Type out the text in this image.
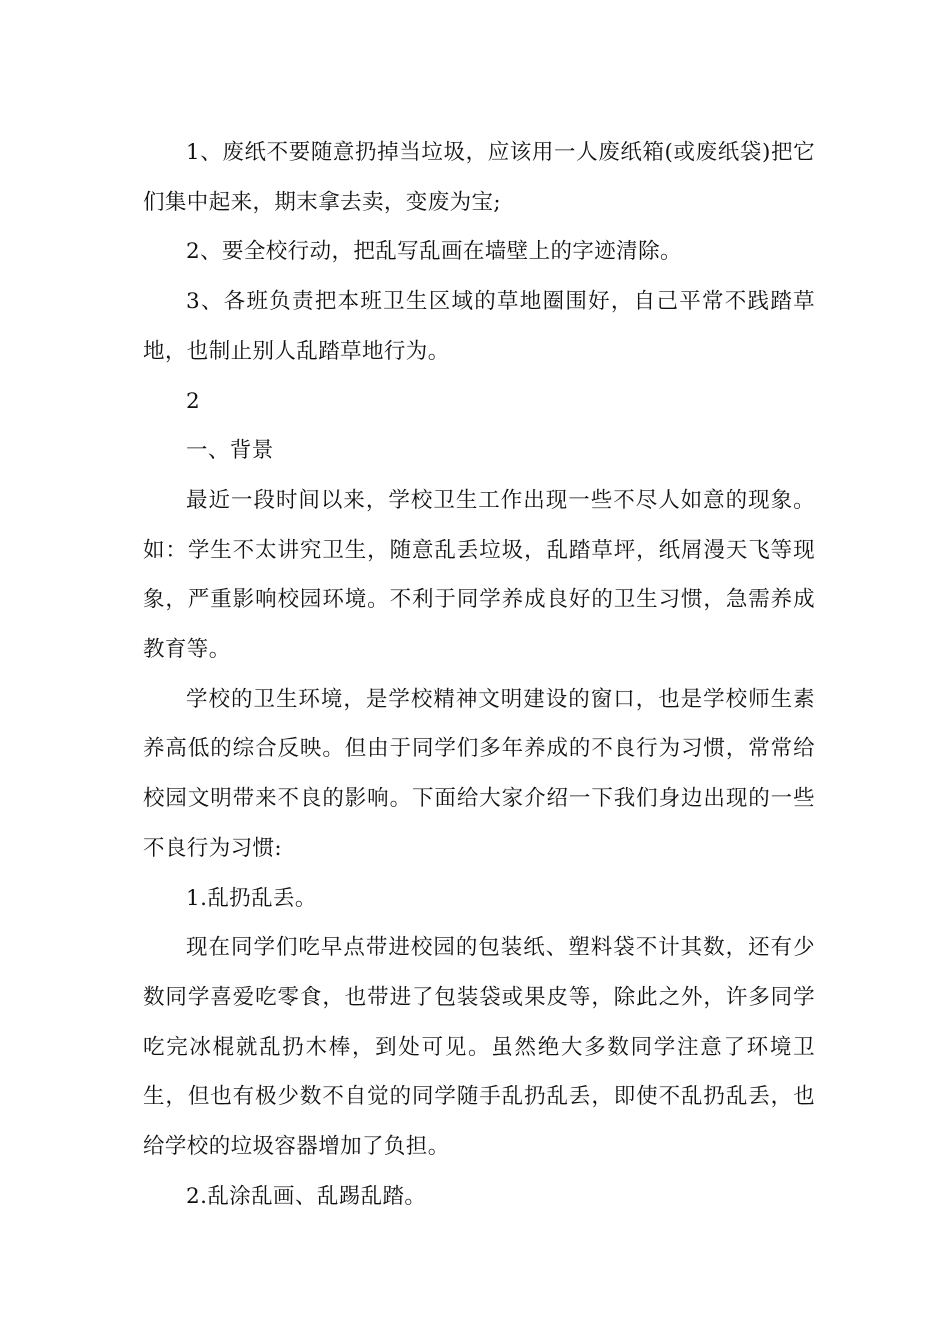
1、废纸不要随意扔掉当垃圾，应该用一人废纸箱(或废纸袋)把它们集中起来，期末拿去卖，变废为宝;

2、要全校行动，把乱写乱画在墙壁上的字迹清除。

3、各班负责把本班卫生区域的草地圈围好，自己平常不践踏草地，也制止别人乱踏草地行为。

2

一、背景

最近一段时间以来，学校卫生工作出现一些不尽人如意的现象。如：学生不太讲究卫生，随意乱丢垃圾，乱踏草坪，纸屑漫天飞等现象，严重影响校园环境。不利于同学养成良好的卫生习惯，急需养成教育等。

学校的卫生环境，是学校精神文明建设的窗口，也是学校师生素养高低的综合反映。但由于同学们多年养成的不良行为习惯，常常给校园文明带来不良的影响。下面给大家介绍一下我们身边出现的一些不良行为习惯:

1.乱扔乱丢。

现在同学们吃早点带进校园的包装纸、塑料袋不计其数，还有少数同学喜爱吃零食，也带进了包装袋或果皮等，除此之外，许多同学吃完冰棍就乱扔木棒，到处可见。虽然绝大多数同学注意了环境卫生，但也有极少数不自觉的同学随手乱扔乱丢，即使不乱扔乱丢，也给学校的垃圾容器增加了负担。

2.乱涂乱画、乱踢乱踏。
